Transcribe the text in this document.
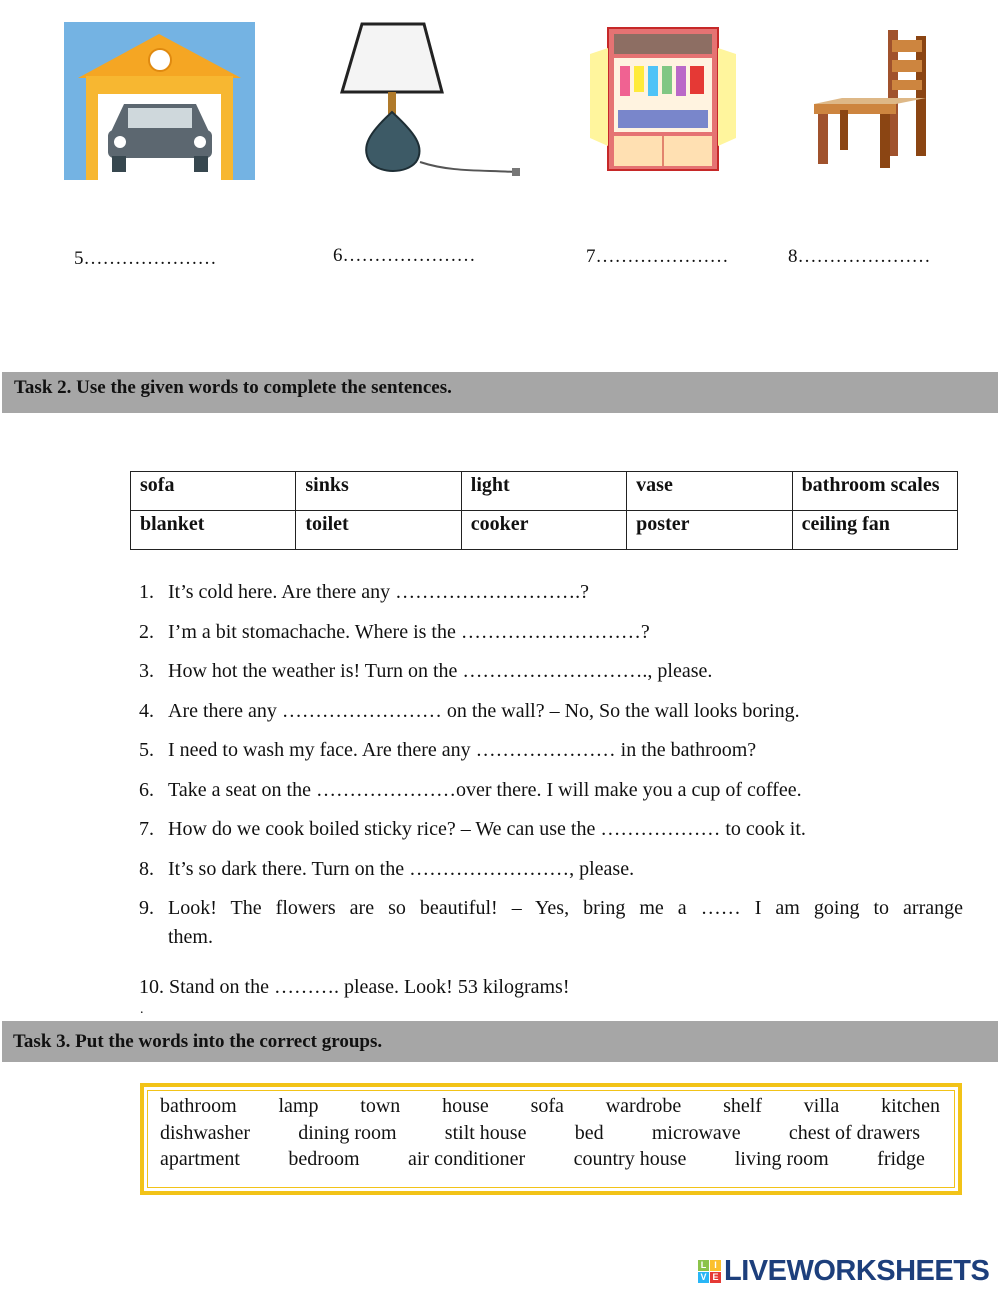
5…………………	6…………………	7…………………	8…………………
Task 2. Use the given words to complete the sentences.
sofa	sinks	light	vase	bathroom scales
blanket	toilet	cooker	poster	ceiling fan
1. It’s cold here. Are there any ……………………….?
2. I’m a bit stomachache. Where is the ………………………?
3. How hot the weather is! Turn on the ………………………., please.
4. Are there any …………………… on the wall? – No, So the wall looks boring.
5. I need to wash my face. Are there any ………………… in the bathroom?
6. Take a seat on the …………………over there. I will make you a cup of coffee.
7. How do we cook boiled sticky rice? – We can use the ……………… to cook it.
8. It’s so dark there. Turn on the ……………………, please.
9. Look! The flowers are so beautiful! – Yes, bring me a …… I am going to arrange
them.
10. Stand on the ………. please. Look! 53 kilograms!
.
Task 3. Put the words into the correct groups.
bathroom lamp town house sofa wardrobe shelf villa kitchen
dishwasher dining room stilt house bed microwave chest of drawers
apartment bedroom air conditioner country house living room fridge
L I
V E LIVEWORKSHEETS
